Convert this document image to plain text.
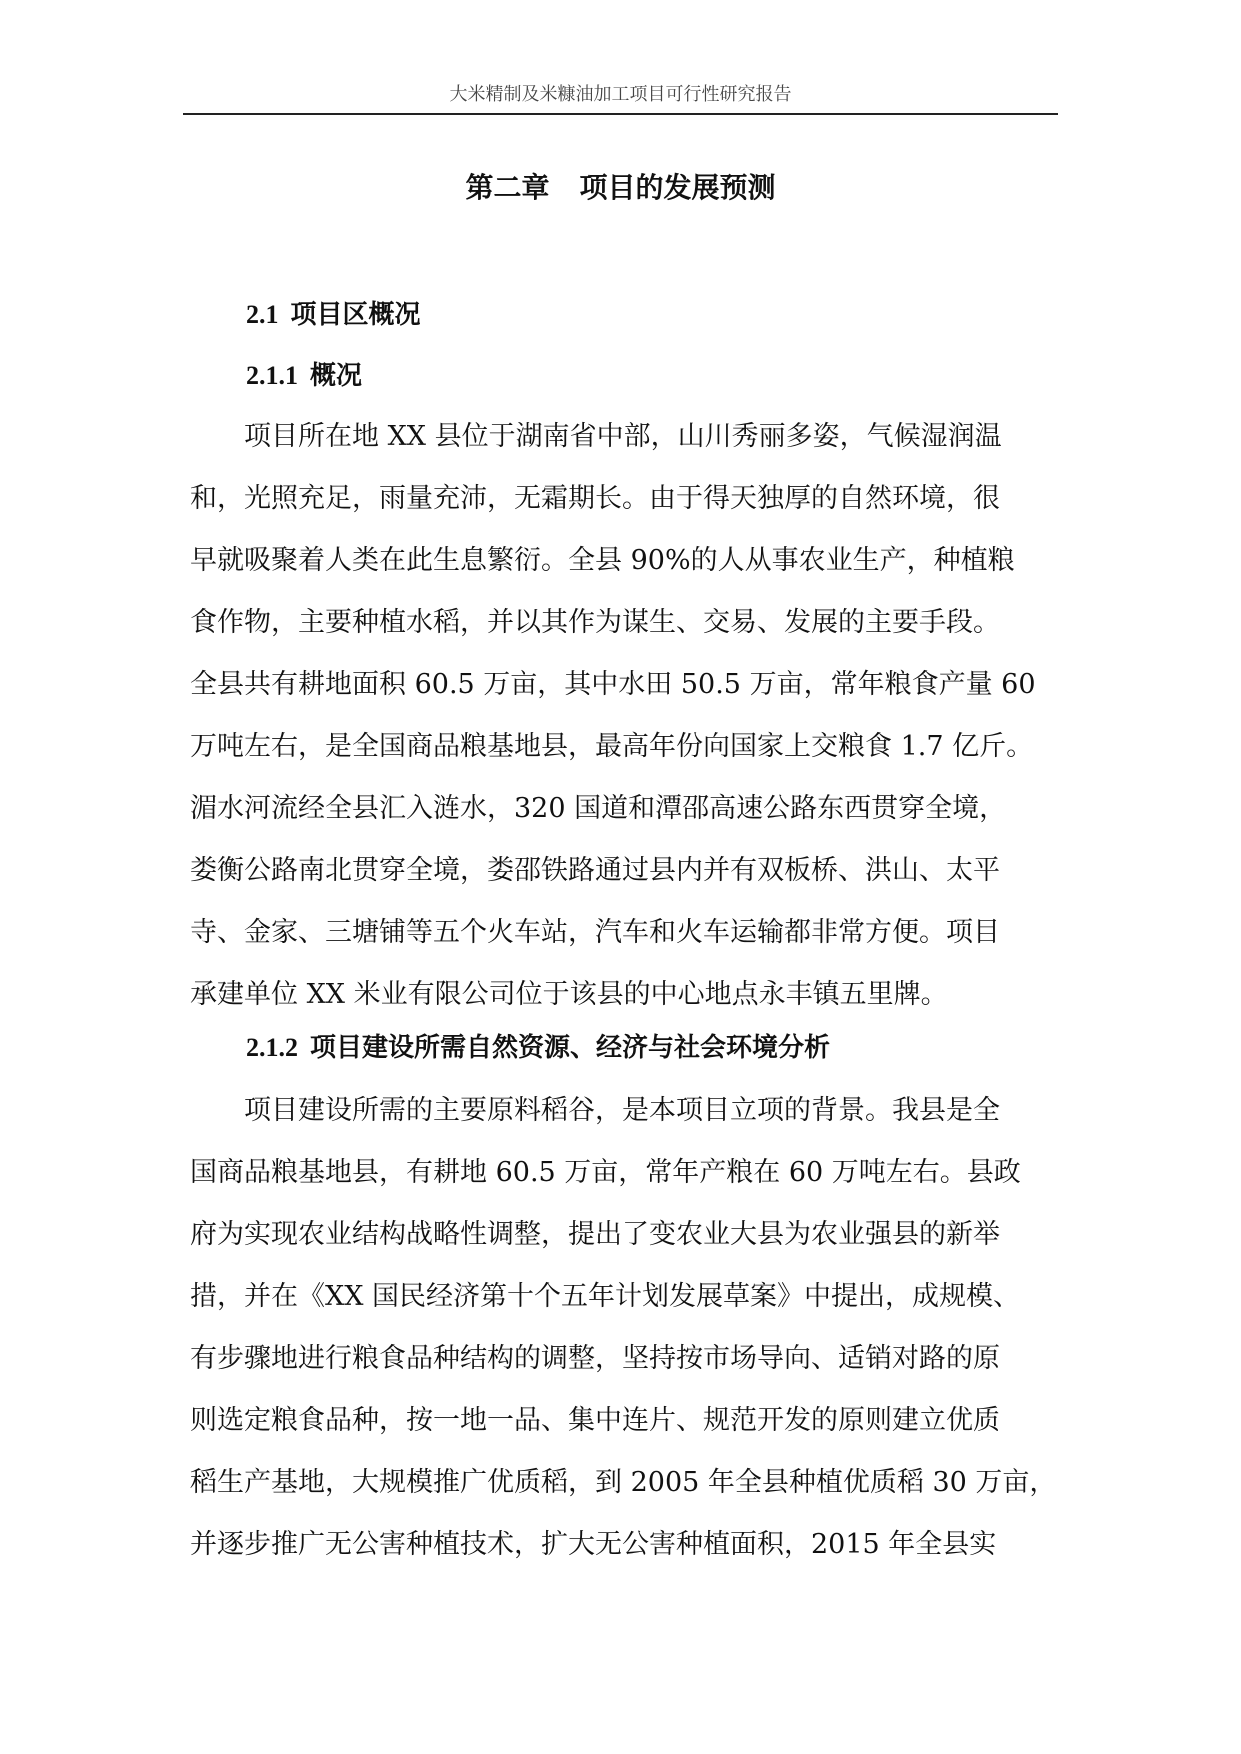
大米精制及米糠油加工项目可行性研究报告
第二章 项目的发展预测
2.1 项目区概况
2.1.1 概况
　　项目所在地 XX 县位于湖南省中部，山川秀丽多姿，气候湿润温
和，光照充足，雨量充沛，无霜期长。由于得天独厚的自然环境，很
早就吸聚着人类在此生息繁衍。全县 90%的人从事农业生产，种植粮
食作物，主要种植水稻，并以其作为谋生、交易、发展的主要手段。
全县共有耕地面积 60.5 万亩，其中水田 50.5 万亩，常年粮食产量 60
万吨左右，是全国商品粮基地县，最高年份向国家上交粮食 1.7 亿斤。
湄水河流经全县汇入涟水，320 国道和潭邵高速公路东西贯穿全境，
娄衡公路南北贯穿全境，娄邵铁路通过县内并有双板桥、洪山、太平
寺、金家、三塘铺等五个火车站，汽车和火车运输都非常方便。项目
承建单位 XX 米业有限公司位于该县的中心地点永丰镇五里牌。
2.1.2 项目建设所需自然资源、经济与社会环境分析
　　项目建设所需的主要原料稻谷，是本项目立项的背景。我县是全
国商品粮基地县，有耕地 60.5 万亩，常年产粮在 60 万吨左右。县政
府为实现农业结构战略性调整，提出了变农业大县为农业强县的新举
措，并在《XX 国民经济第十个五年计划发展草案》中提出，成规模、
有步骤地进行粮食品种结构的调整，坚持按市场导向、适销对路的原
则选定粮食品种，按一地一品、集中连片、规范开发的原则建立优质
稻生产基地，大规模推广优质稻，到 2005 年全县种植优质稻 30 万亩，
并逐步推广无公害种植技术，扩大无公害种植面积，2015 年全县实
